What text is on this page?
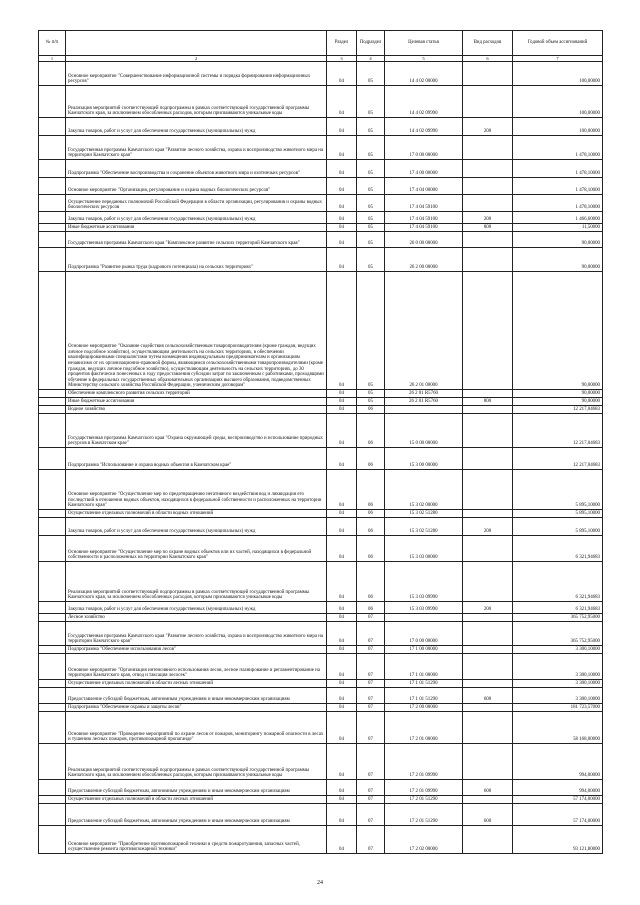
№ п/п		Раздел	Подраздел	Целевая статья	Вид расходов	Годовой объем ассигнований
1	2	3	4	5	6	7
	Основное мероприятие "Совершенствование информационной системы и порядка формирования информационных ресурсов"	04	05	14 4 02 00000		100,00000
	Реализация мероприятий соответствующей подпрограммы в рамках соответствующей государственной программы Камчатского края, за исключением обособленных расходов, которым присваиваются уникальные коды	04	05	14 4 02 09990		100,00000
	Закупка товаров, работ и услуг для обеспечения государственных (муниципальных) нужд	04	05	14 4 02 09990	200	100,00000
	Государственная программа Камчатского края "Развитие лесного хозяйства, охрана и воспроизводство животного мира на территории Камчатского края"	04	05	17 0 00 00000		1 478,10000
	Подпрограмма "Обеспечение воспроизводства и сохранение объектов животного мира и охотничьих ресурсов"	04	05	17 4 00 00000		1 478,10000
	Основное мероприятие "Организация, регулирование и охрана водных биологических ресурсов"	04	05	17 4 04 00000		1 478,10000
	Осуществление переданных полномочий Российской Федерации в области организации, регулирования и охраны водных биологических ресурсов	04	05	17 4 04 59100		1 478,10000
	Закупка товаров, работ и услуг для обеспечения государственных (муниципальных) нужд	04	05	17 4 04 59100	200	1 466,60000
	Иные бюджетные ассигнования	04	05	17 4 04 59100	800	11,50000
	Государственная программа Камчатского края "Комплексное развитие сельских территорий Камчатского края"	04	05	26 0 00 00000		90,00000
	Подпрограмма "Развитие рынка труда (кадрового потенциала) на сельских территориях"	04	05	26 2 00 00000		90,00000
	Основное мероприятие "Оказание содействия сельскохозяйственным товаропроизводителям (кроме граждан, ведущих личное подсобное хозяйство), осуществляющим деятельность на сельских территориях, в обеспечении квалифицированными специалистами путем возмещения индивидуальным предпринимателям и организациям независимо от их организационно-правовой формы, являющимся сельскохозяйственными товаропроизводителями (кроме граждан, ведущих личное подсобное хозяйство), осуществляющим деятельность на сельских территориях, до 30 процентов фактически понесенных в году предоставления субсидии затрат по заключенным с работниками, проходящими обучение в федеральных государственных образовательных организациях высшего образования, подведомственных Министерству сельского хозяйства Российской Федерации, ученическим договорам"	04	05	26 2 01 00000		90,00000
	Обеспечение комплексного развития сельских территорий	04	05	26 2 01 R5760		90,00000
	Иные бюджетные ассигнования	04	05	26 2 01 R5760	800	90,00000
	Водное хозяйство	04	06			12 217,04683
	Государственная программа Камчатского края "Охрана окружающей среды, воспроизводство и использование природных ресурсов в Камчатском крае"	04	06	15 0 00 00000		12 217,04683
	Подпрограмма "Использование и охрана водных объектов в Камчатском крае"	04	06	15 3 00 00000		12 217,04683
	Основное мероприятие "Осуществление мер по предотвращению негативного воздействия вод и ликвидации его последствий в отношении водных объектов, находящихся в федеральной собственности и расположенных на территории Камчатского края"	04	06	15 3 02 00000		5 895,10000
	Осуществление отдельных полномочий в области водных отношений	04	06	15 3 02 51280		5 895,10000
	Закупка товаров, работ и услуг для обеспечения государственных (муниципальных) нужд	04	06	15 3 02 51280	200	5 895,10000
	Основное мероприятие "Осуществление мер по охране водных объектов или их частей, находящихся в федеральной собственности и расположенных на территории Камчатского края"	04	06	15 3 03 00000		6 321,94683
	Реализация мероприятий соответствующей подпрограммы в рамках соответствующей государственной программы Камчатского края, за исключением обособленных расходов, которым присваиваются уникальные коды	04	06	15 3 03 09990		6 321,94683
	Закупка товаров, работ и услуг для обеспечения государственных (муниципальных) нужд	04	06	15 3 03 09990	200	6 321,94683
	Лесное хозяйство	04	07			365 752,95000
	Государственная программа Камчатского края "Развитие лесного хозяйства, охрана и воспроизводство животного мира на территории Камчатского края"	04	07	17 0 00 00000		365 752,95000
	Подпрограмма "Обеспечение использования лесов"	04	07	17 1 00 00000		3 300,10000
	Основное мероприятие "Организация интенсивного использования лесов, лесное планирование и регламентирование на территории Камчатского края, отвод и таксация лесосек"	04	07	17 1 01 00000		3 300,10000
	Осуществление отдельных полномочий в области лесных отношений	04	07	17 1 01 51290		3 300,10000
	Предоставление субсидий бюджетным, автономным учреждениям и иным некоммерческим организациям	04	07	17 1 01 51290	600	3 300,10000
	Подпрограмма "Обеспечение охраны и защиты лесов"	04	07	17 2 00 00000		181 723,57000
	Основное мероприятие "Проведение мероприятий по охране лесов от пожаров, мониторингу пожарной опасности в лесах и тушению лесных пожаров, противопожарной пропаганде"	04	07	17 2 01 00000		58 168,00000
	Реализация мероприятий соответствующей подпрограммы в рамках соответствующей государственной программы Камчатского края, за исключением обособленных расходов, которым присваиваются уникальные коды	04	07	17 2 01 09990		994,00000
	Предоставление субсидий бюджетным, автономным учреждениям и иным некоммерческим организациям	04	07	17 2 01 09990	600	994,00000
	Осуществление отдельных полномочий в области лесных отношений	04	07	17 2 01 51290		57 174,00000
	Предоставление субсидий бюджетным, автономным учреждениям и иным некоммерческим организациям	04	07	17 2 01 51290	600	57 174,00000
	Основное мероприятие "Приобретение противопожарной техники и средств пожаротушения, запасных частей, осуществление ремонта противопожарной техники"	04	07	17 2 02 00000		93 121,80000
24
